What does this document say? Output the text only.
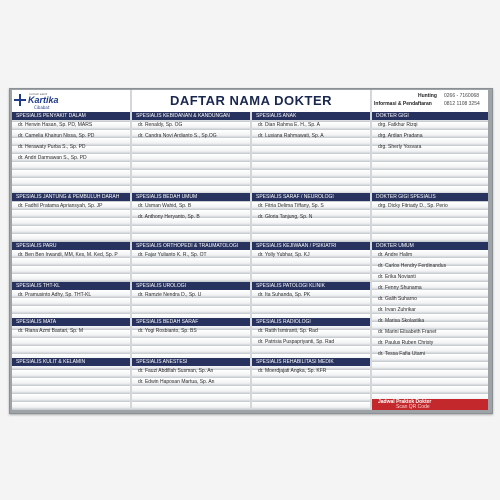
rumah sakit
Kartika
Cibabat	DAFTAR NAMA DOKTER	Hunting 0266 - 7160068
Informasi & Pendaftaran 0812 1108 3254
Jadwal Praktek Dokter
Scan QR Code
SPESIALIS PENYAKIT DALAM
dr. Herwin Hasan, Sp. PD, MARS
dr. Camelia Khairun Nissa, Sp. PD
dr. Herawaty Purba S., Sp. PD
dr. Andri Darmawan S., Sp. PD
SPESIALIS JANTUNG & PEMBULUH DARAH
dr. Fadhil Pratama Apriansyah, Sp. JP
SPESIALIS PARU
dr. Ben Ben Irwandi, MM, Kes, M. Ked, Sp. P
SPESIALIS THT-KL
dr. Pramusinto Adhy, Sp. THT-KL
SPESIALIS MATA
dr. Riana Azmi Bastari, Sp. M
SPESIALIS KULIT & KELAMIN
SPESIALIS KEBIDANAN & KANDUNGAN
dr. Renaldy, Sp. OG
dr. Candra Novi Ardianto S., Sp.OG
SPESIALIS BEDAH UMUM
dr. Usman Wahid, Sp. B
dr. Anthony Heryanto, Sp. B
SPESIALIS ORTHOPEDI & TRAUMATOLOGI
dr. Fajar Yulianto K. R., Sp. OT
SPESIALIS UROLOGI
dr. Ramzie Nendra D., Sp. U
SPESIALIS BEDAH SARAF
dr. Yogi Rosbianto, Sp. BS
SPESIALIS ANESTESI
dr. Fauzi Abdillah Susman, Sp. An
dr. Edwin Haposan Martua, Sp. An
SPESIALIS ANAK
dr. Dian Rahma E. H., Sp. A
dr. Lusiana Rahmawati, Sp. A
SPESIALIS SARAF / NEUROLOGI
dr. Fitria Delima Tiffany, Sp. S
dr. Gloria Tanjung, Sp. N
SPESIALIS KEJIWAAN / PSIKIATRI
dr. Yolly Yubhar, Sp. KJ
SPESIALIS PATOLOGI KLINIK
dr. Ita Suhanda, Sp. PK
SPESIALIS RADIOLOGI
dr. Ratih Ismiranti, Sp. Rad
dr. Patrisia Puspapriyanti, Sp. Rad
SPESIALIS REHABILITASI MEDIK
dr. Moerdjajati Angka, Sp. KFR
DOKTER GIGI
drg. Fatkhur Rizqi
drg. Ardian Pradana
drg. Sherly Yosvara
DOKTER GIGI SPESIALIS
drg. Dicky Fitriady D., Sp. Perio
DOKTER UMUM
dr. Andre Halim
dr. Carlos Hendry Ferdinandus
dr. Erika Novianti
dr. Fenny Shunama
dr. Galih Suharno
dr. Irvan Zuhrikar
dr. Marisa Skolastika
dr. Marini Elisabeth Franet
dr. Paulus Ruben Christy
dr. Tessa Fafia Utami
